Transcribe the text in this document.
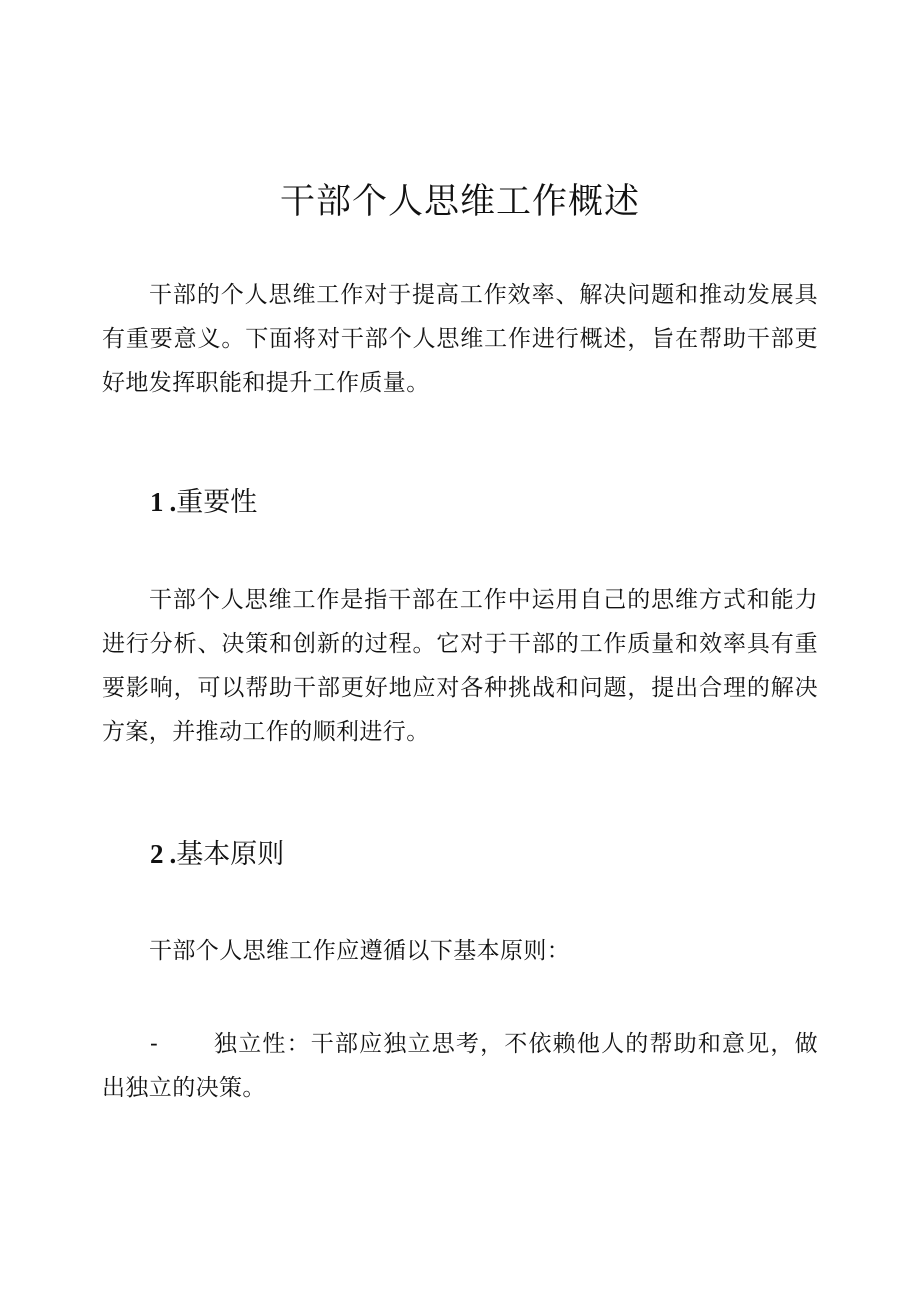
干部个人思维工作概述

干部的个人思维工作对于提高工作效率、解决问题和推动发展具有重要意义。下面将对干部个人思维工作进行概述，旨在帮助干部更好地发挥职能和提升工作质量。

1 .重要性

干部个人思维工作是指干部在工作中运用自己的思维方式和能力进行分析、决策和创新的过程。它对于干部的工作质量和效率具有重要影响，可以帮助干部更好地应对各种挑战和问题，提出合理的解决方案，并推动工作的顺利进行。

2 .基本原则

干部个人思维工作应遵循以下基本原则：

-	独立性：干部应独立思考，不依赖他人的帮助和意见，做出独立的决策。
